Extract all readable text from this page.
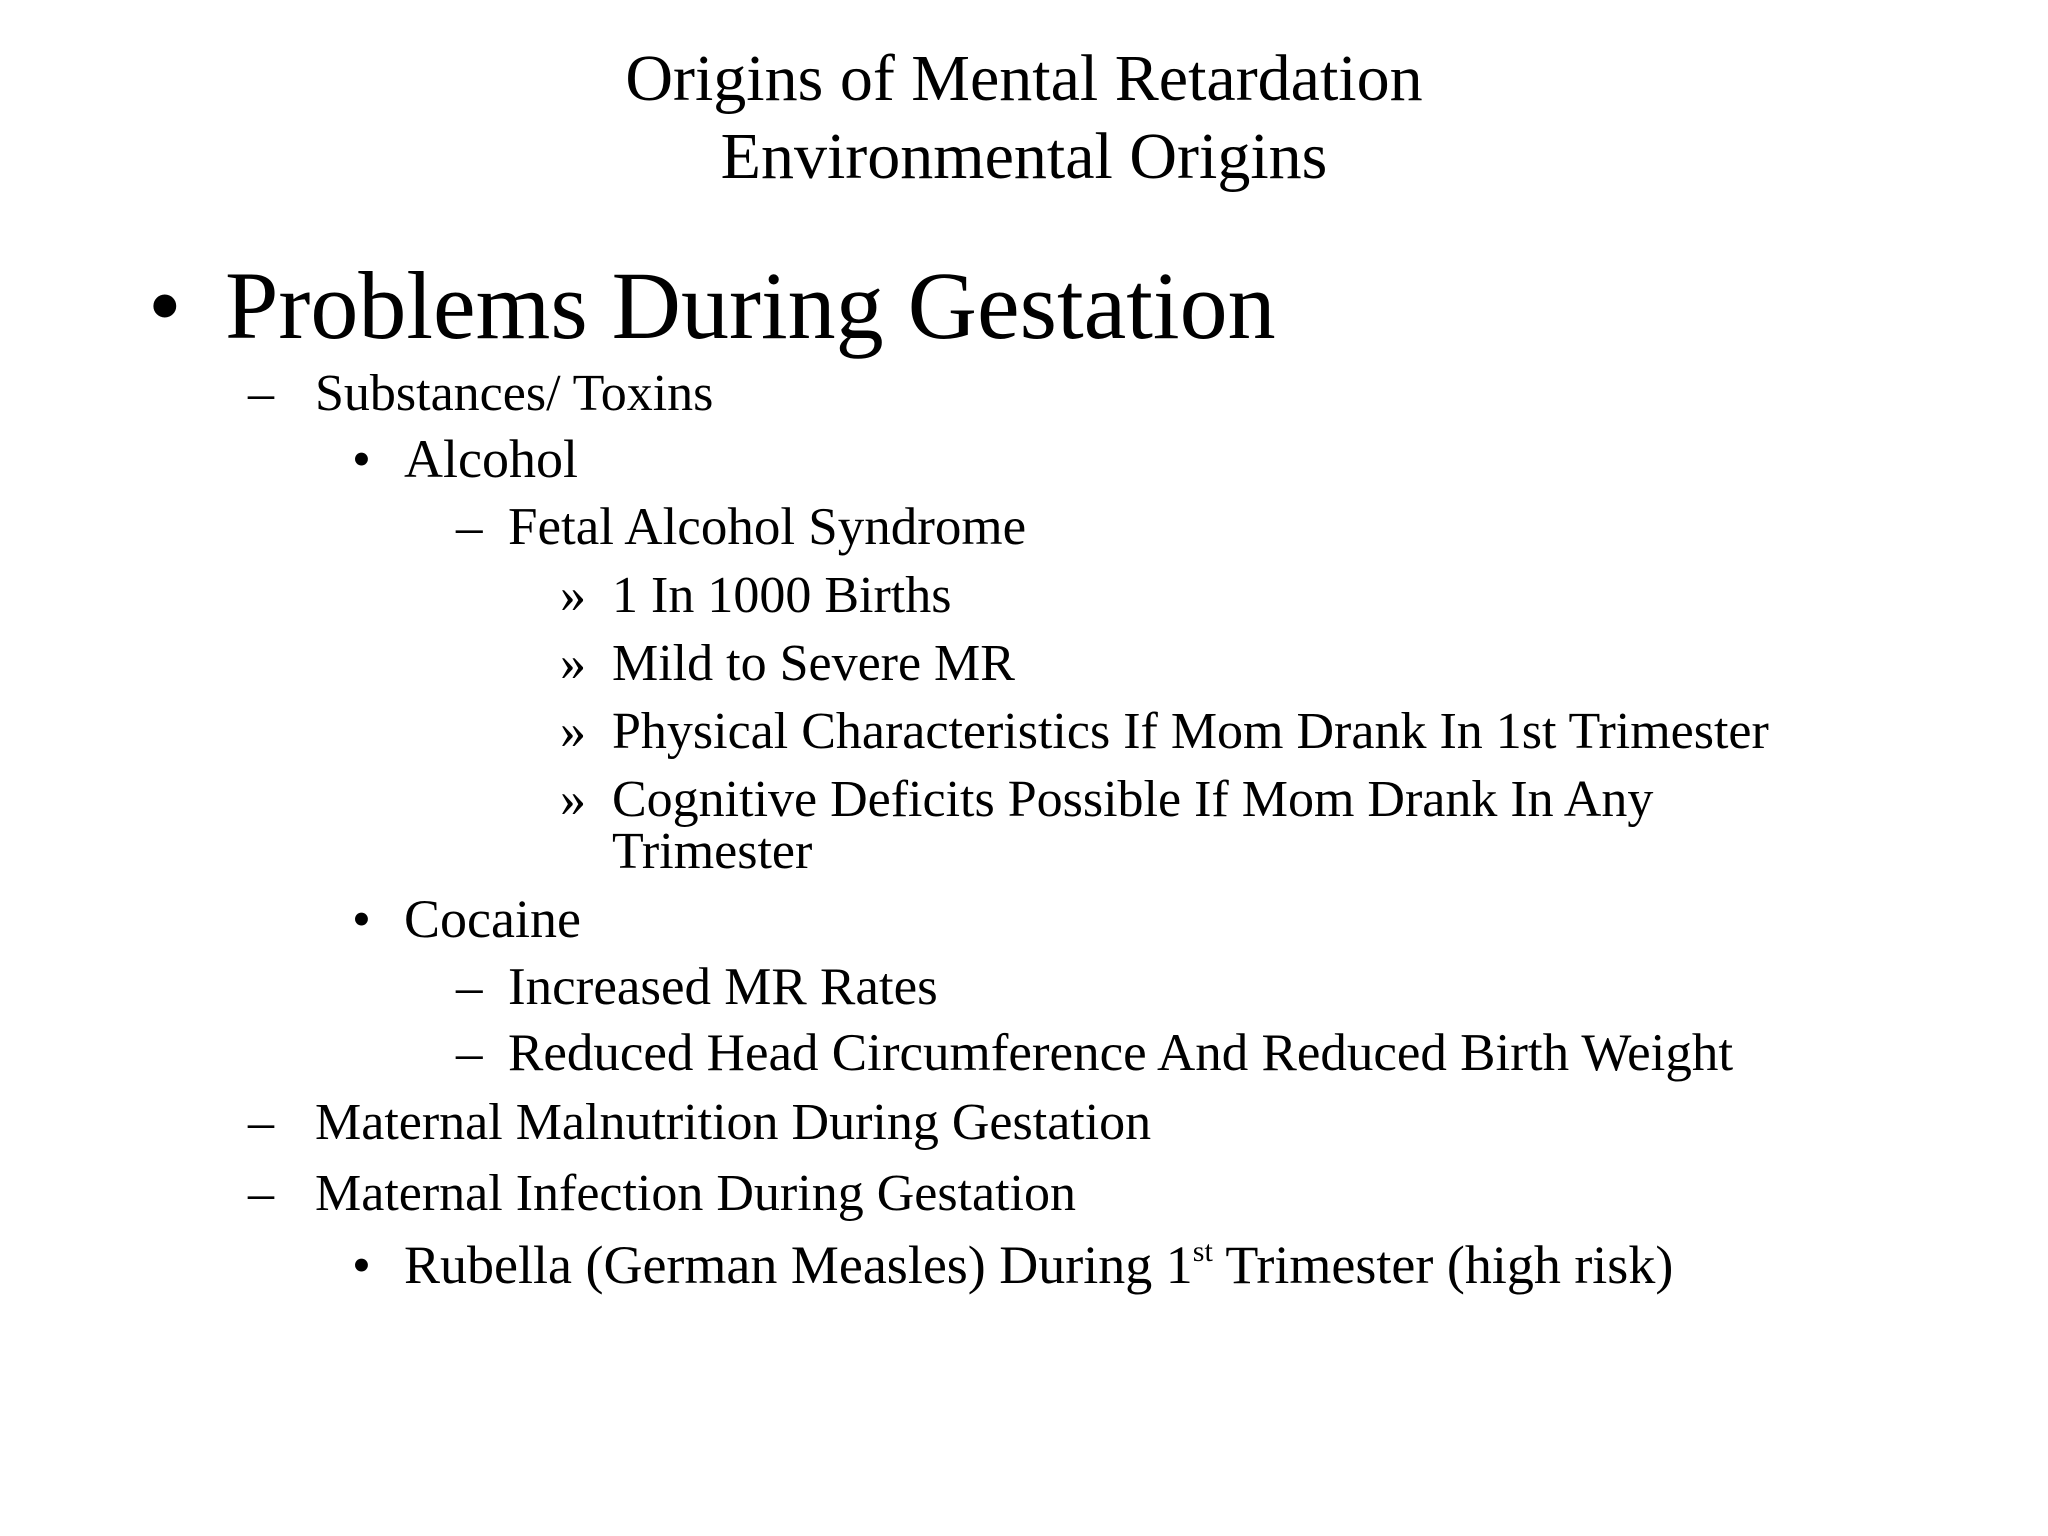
Origins of Mental Retardation
Environmental Origins
• Problems During Gestation
– Substances/ Toxins
• Alcohol
– Fetal Alcohol Syndrome
» 1 In 1000 Births
» Mild to Severe MR
» Physical Characteristics If Mom Drank In 1st Trimester
» Cognitive Deficits Possible If Mom Drank In Any
Trimester
• Cocaine
– Increased MR Rates
– Reduced Head Circumference And Reduced Birth Weight
– Maternal Malnutrition During Gestation
– Maternal Infection During Gestation
• Rubella (German Measles) During 1st Trimester (high risk)
